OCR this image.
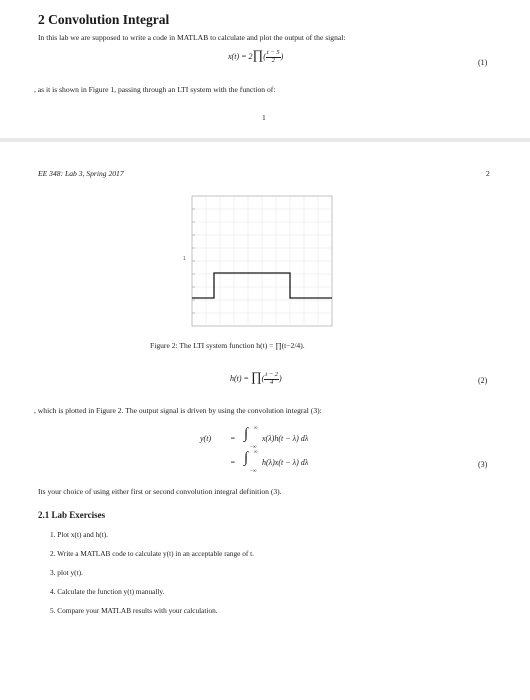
2 Convolution Integral
In this lab we are supposed to write a code in MATLAB to calculate and plot the output of the signal:
x(t) = 2∏( $\frac{t - 5}{2}$ )
(1)
, as it is shown in Figure 1, passing through an LTI system with the function of:
1
EE 348: Lab 3, Spring 2017	2
1
Figure 2: The LTI system function h(t) = ∏(t−2/4).
h(t) = ∏( $\frac{t - 2}{4}$ )	(2)
, which is plotted in Figure 2. The output signal is driven by using the convolution integral (3):
y(t) = ∫ ∞
−∞
x(λ)h(t − λ) dλ
= ∫ ∞
−∞
h(λ)x(t − λ) dλ	(3)
Its your choice of using either first or second convolution integral definition (3).
2.1 Lab Exercises
1. Plot x(t) and h(t).
2. Write a MATLAB code to calculate y(t) in an acceptable range of t.
3. plot y(t).
4. Calculate the function y(t) manually.
5. Compare your MATLAB results with your calculation.
